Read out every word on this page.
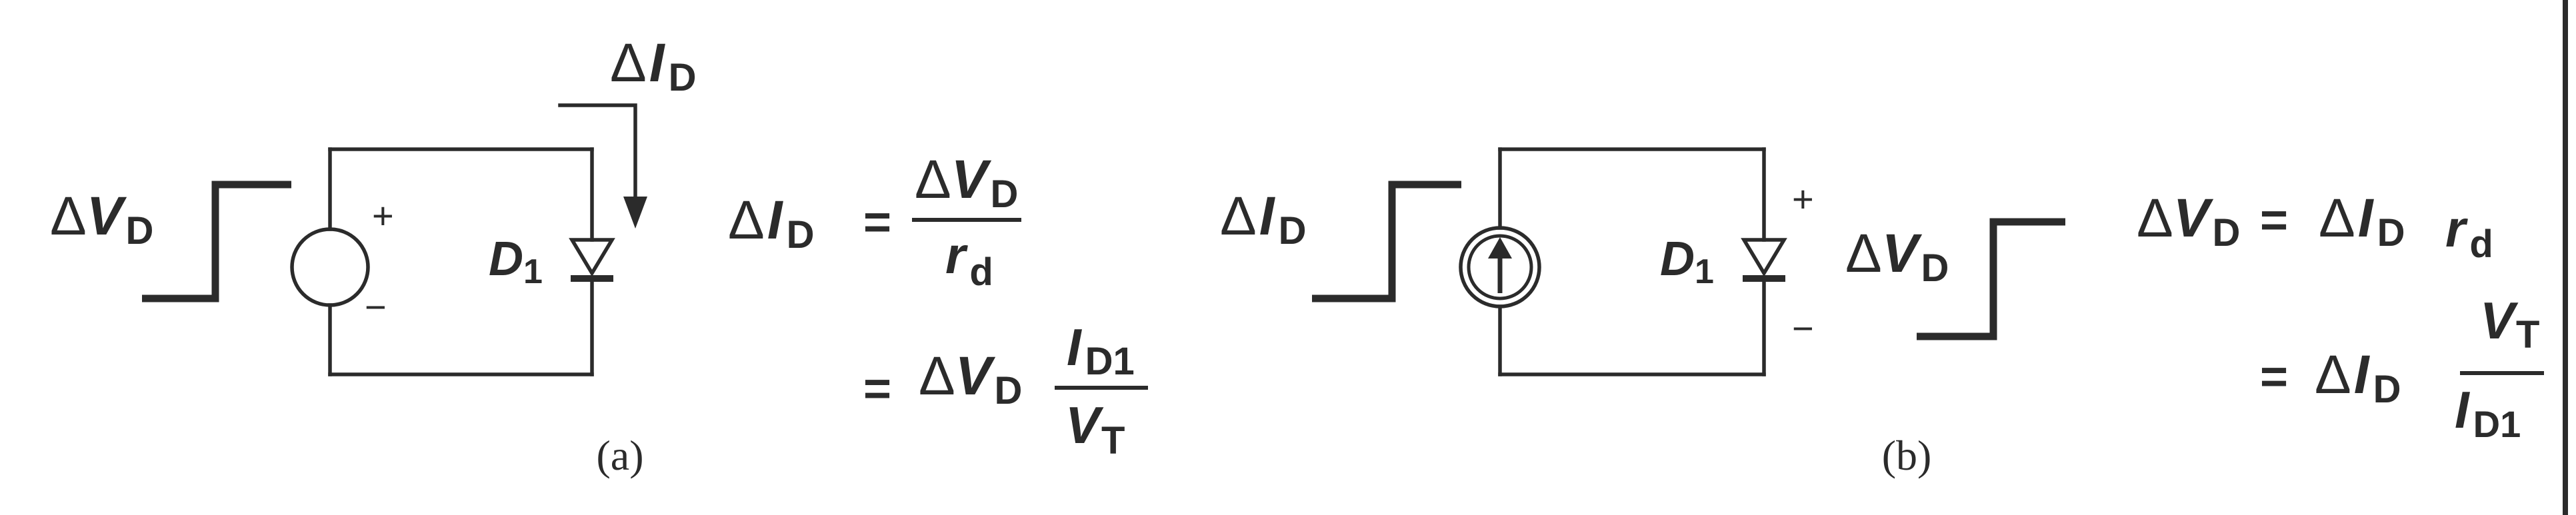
ΔVD	+
−
D1
ΔI D
ΔI D =
ΔVD
r d
= ΔVD
I D1
VT
(a)
ΔI D
D1
+
−
ΔVD
ΔVD = ΔI D r d
= ΔI D
VT
I D1
(b)
